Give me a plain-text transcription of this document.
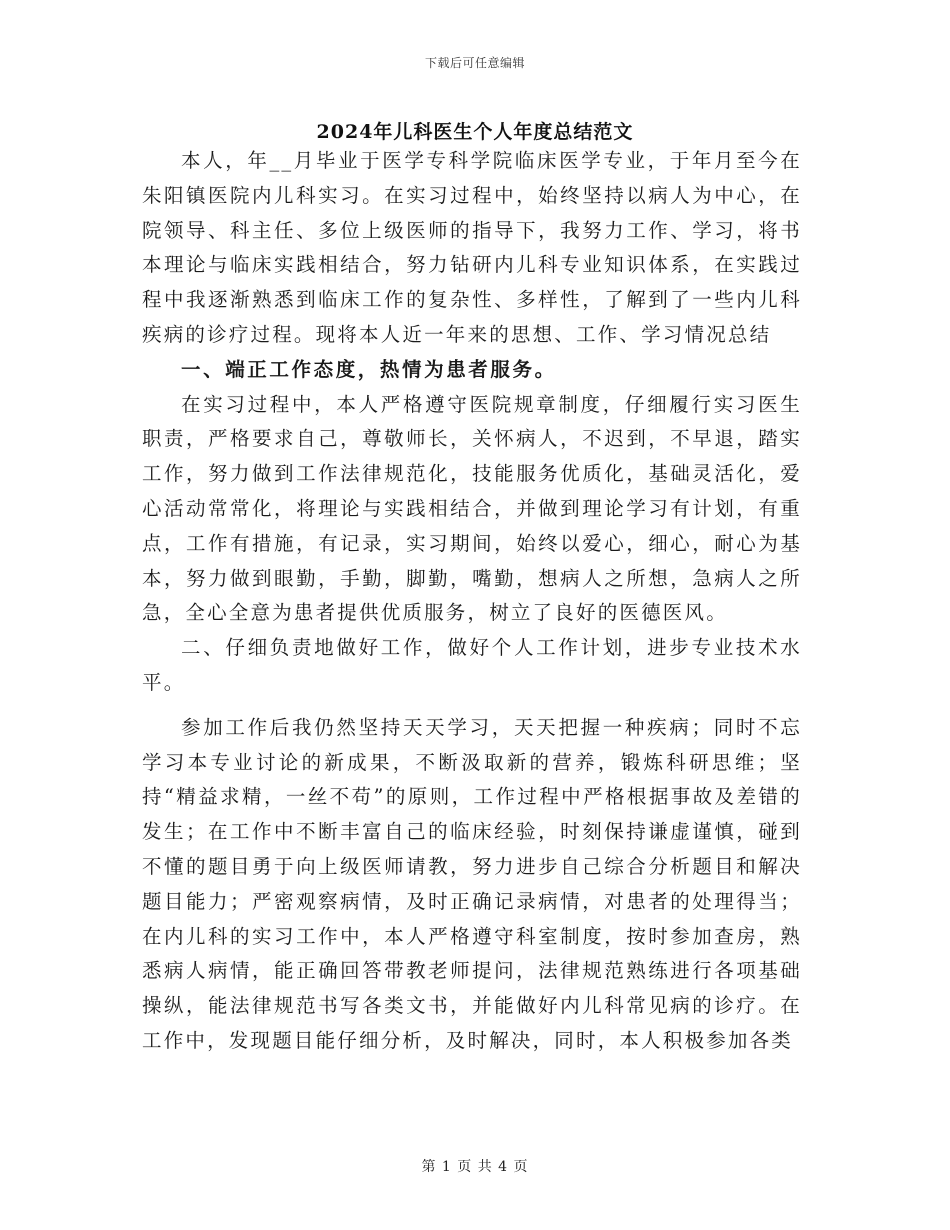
下载后可任意编辑
2024年儿科医生个人年度总结范文

本人，年__月毕业于医学专科学院临床医学专业，于年月至今在朱阳镇医院内儿科实习。在实习过程中，始终坚持以病人为中心，在院领导、科主任、多位上级医师的指导下，我努力工作、学习，将书本理论与临床实践相结合，努力钻研内儿科专业知识体系，在实践过程中我逐渐熟悉到临床工作的复杂性、多样性，了解到了一些内儿科疾病的诊疗过程。现将本人近一年来的思想、工作、学习情况总结

一、端正工作态度，热情为患者服务。

在实习过程中，本人严格遵守医院规章制度，仔细履行实习医生职责，严格要求自己，尊敬师长，关怀病人，不迟到，不早退，踏实工作，努力做到工作法律规范化，技能服务优质化，基础灵活化，爱心活动常常化，将理论与实践相结合，并做到理论学习有计划，有重点，工作有措施，有记录，实习期间，始终以爱心，细心，耐心为基本，努力做到眼勤，手勤，脚勤，嘴勤，想病人之所想，急病人之所急，全心全意为患者提供优质服务，树立了良好的医德医风。

二、仔细负责地做好工作，做好个人工作计划，进步专业技术水平。

参加工作后我仍然坚持天天学习，天天把握一种疾病；同时不忘学习本专业讨论的新成果，不断汲取新的营养，锻炼科研思维；坚持“精益求精，一丝不苟”的原则，工作过程中严格根据事故及差错的发生；在工作中不断丰富自己的临床经验，时刻保持谦虚谨慎，碰到不懂的题目勇于向上级医师请教，努力进步自己综合分析题目和解决题目能力；严密观察病情，及时正确记录病情，对患者的处理得当；在内儿科的实习工作中，本人严格遵守科室制度，按时参加查房，熟悉病人病情，能正确回答带教老师提问，法律规范熟练进行各项基础操纵，能法律规范书写各类文书，并能做好内儿科常见病的诊疗。在工作中，发现题目能仔细分析，及时解决，同时，本人积极参加各类

第 1 页 共 4 页
